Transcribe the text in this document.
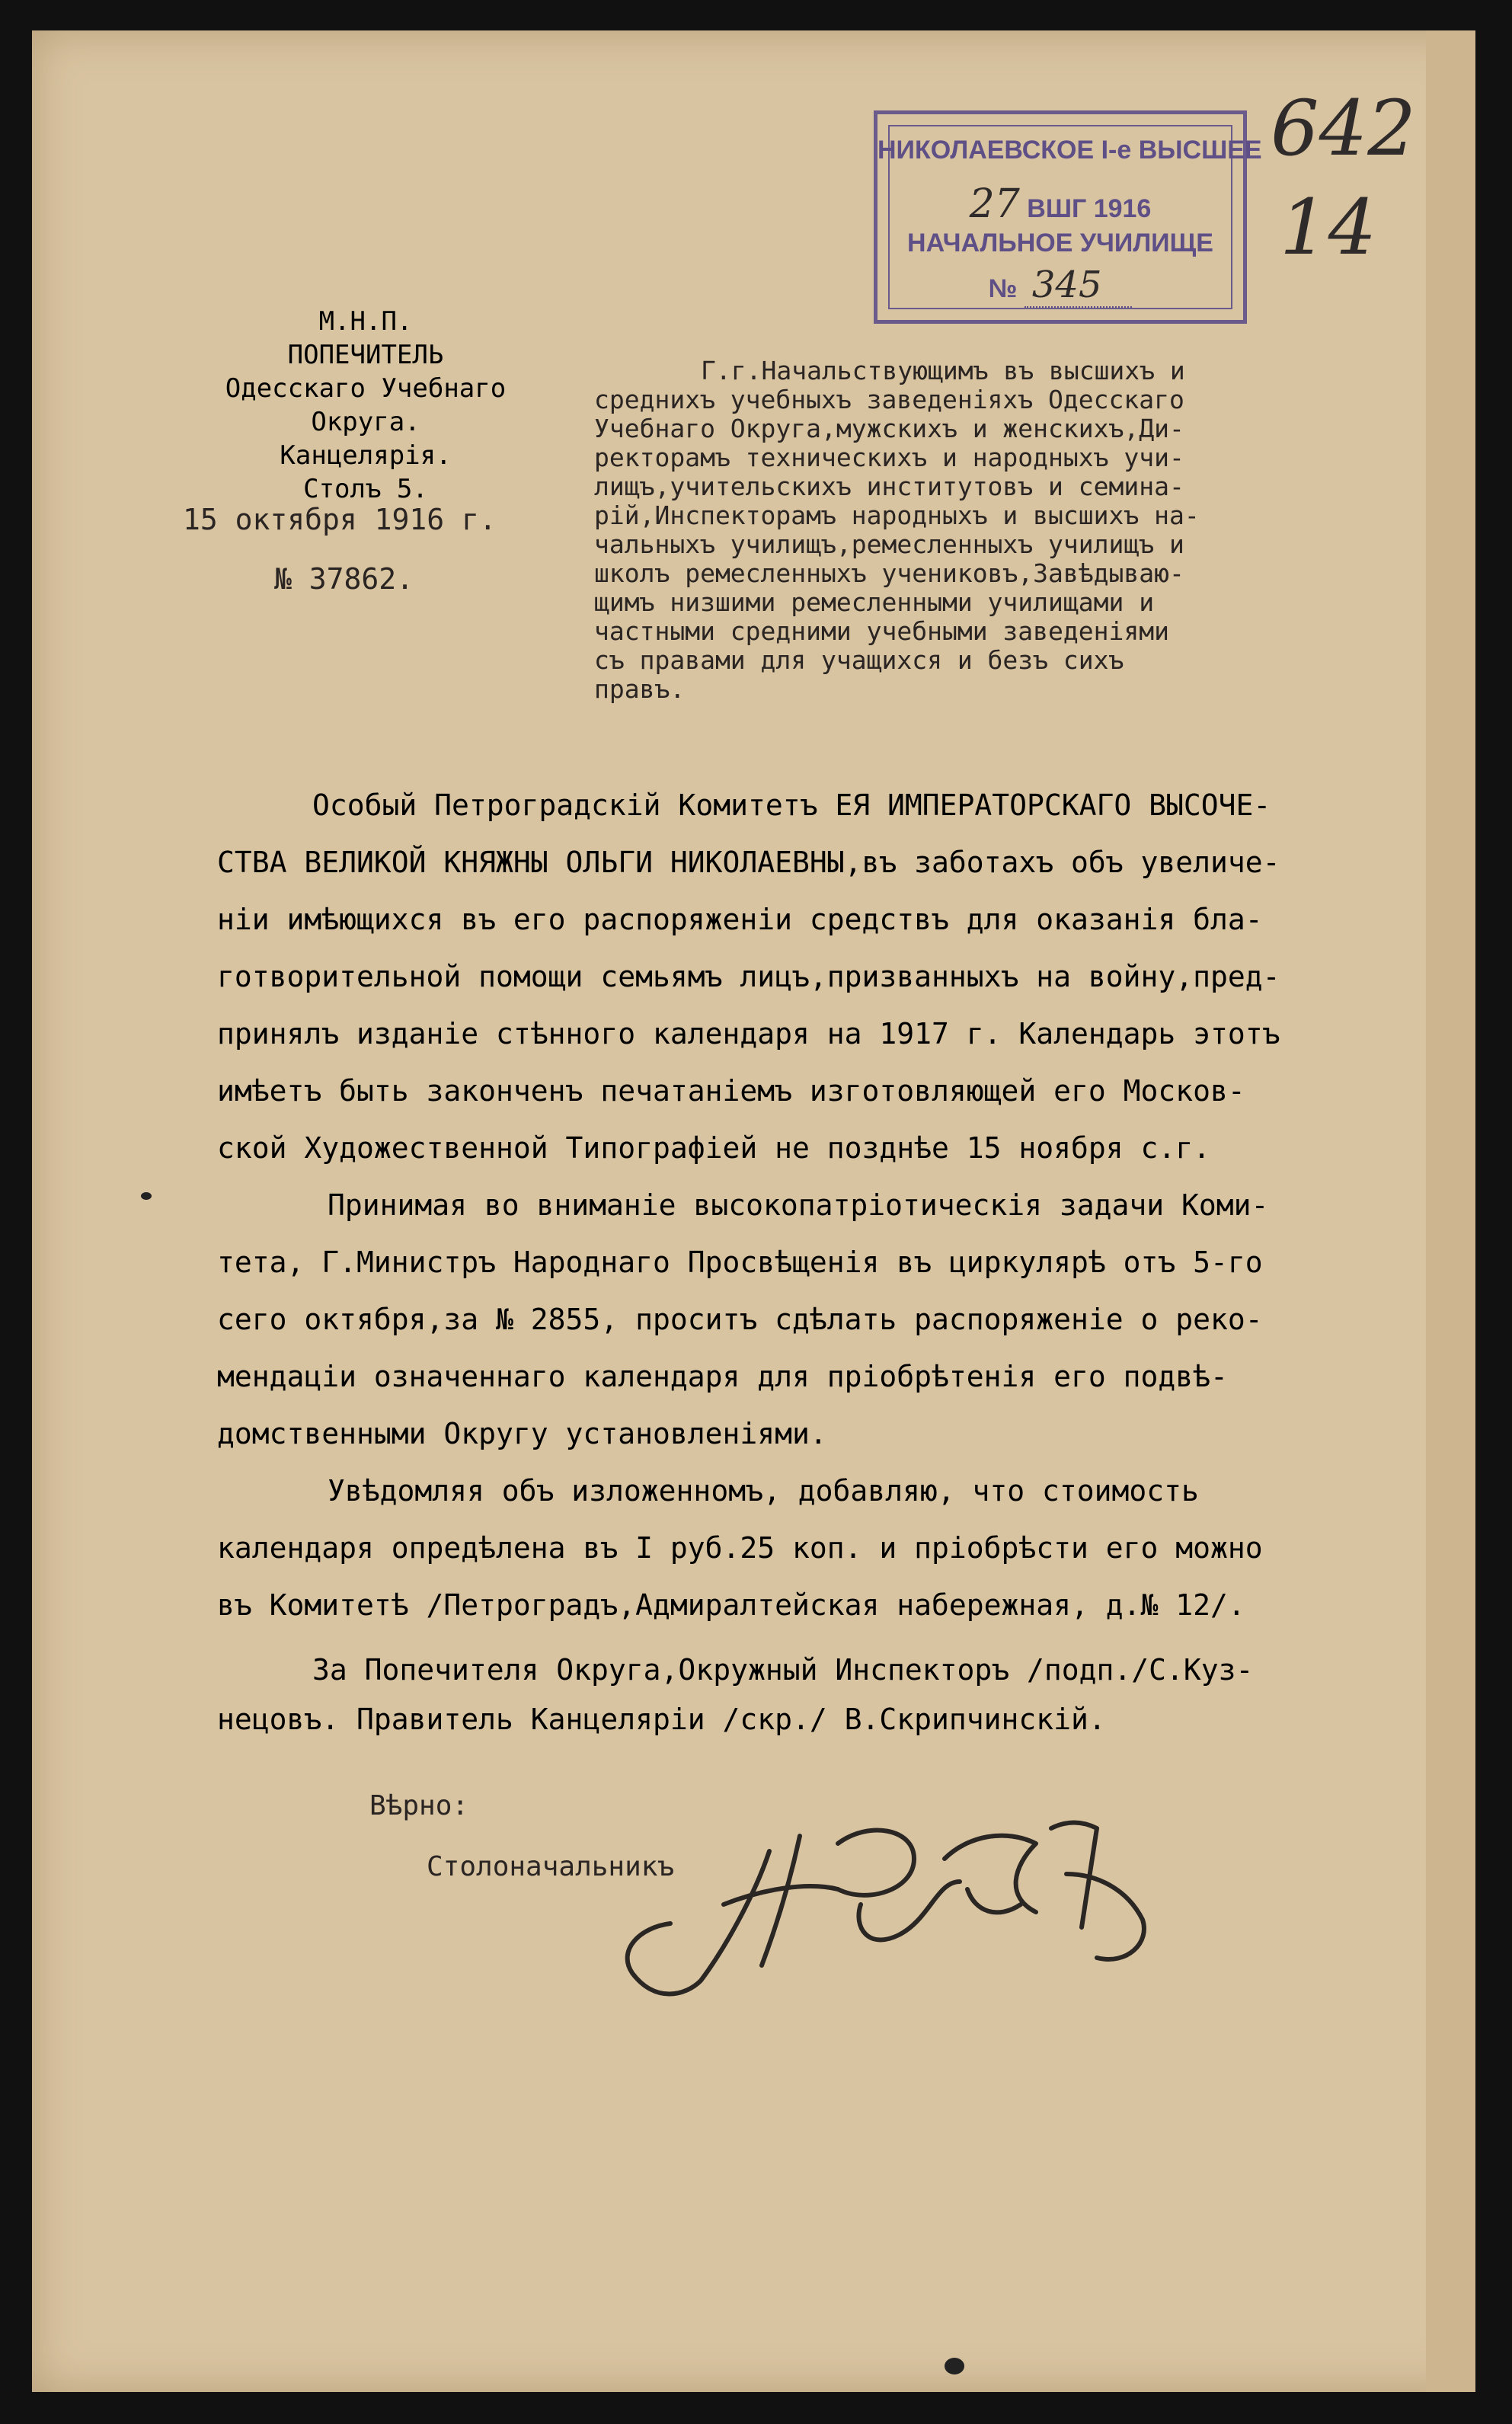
НИКОЛАЕВСКОЕ I-е ВЫСШЕЕ
27 ВШГ 1916
НАЧАЛЬНОЕ УЧИЛИЩЕ
№ 345
642
14
М.Н.П.
ПОПЕЧИТЕЛЬ
Одесскаго Учебнаго
Округа.
Канцелярія.
Столъ 5.
15 октября 1916 г.
№ 37862.
Г.г.Начальствующимъ въ высшихъ и
среднихъ учебныхъ заведеніяхъ Одесскаго
Учебнаго Округа,мужскихъ и женскихъ,Ди-
ректорамъ техническихъ и народныхъ учи-
лищъ,учительскихъ институтовъ и семина-
рій,Инспекторамъ народныхъ и высшихъ на-
чальныхъ училищъ,ремесленныхъ училищъ и
школъ ремесленныхъ учениковъ,Завѣдываю-
щимъ низшими ремесленными училищами и
частными средними учебными заведеніями
съ правами для учащихся и безъ сихъ
правъ.
Особый Петроградскій Комитетъ ЕЯ ИМПЕРАТОРСКАГО ВЫСОЧЕ-
СТВА ВЕЛИКОЙ КНЯЖНЫ ОЛЬГИ НИКОЛАЕВНЫ,въ заботахъ объ увеличе-
ніи имѣющихся въ его распоряженіи средствъ для оказанія бла-
готворительной помощи семьямъ лицъ,призванныхъ на войну,пред-
принялъ изданіе стѣнного календаря на 1917 г. Календарь этотъ
имѣетъ быть законченъ печатаніемъ изготовляющей его Москов-
ской Художественной Типографіей не позднѣе 15 ноября с.г.
Принимая во вниманіе высокопатріотическія задачи Коми-
тета, Г.Министръ Народнаго Просвѣщенія въ циркулярѣ отъ 5-го
сего октября,за № 2855, проситъ сдѣлать распоряженіе о реко-
мендаціи означеннаго календаря для пріобрѣтенія его подвѣ-
домственными Округу установленіями.
Увѣдомляя объ изложенномъ, добавляю, что стоимость
календаря опредѣлена въ I руб.25 коп. и пріобрѣсти его можно
въ Комитетѣ /Петроградъ,Адмиралтейская набережная, д.№ 12/.
За Попечителя Округа,Окружный Инспекторъ /подп./С.Куз-
нецовъ. Правитель Канцеляріи /скр./ В.Скрипчинскій.
Вѣрно:
Столоначальникъ
